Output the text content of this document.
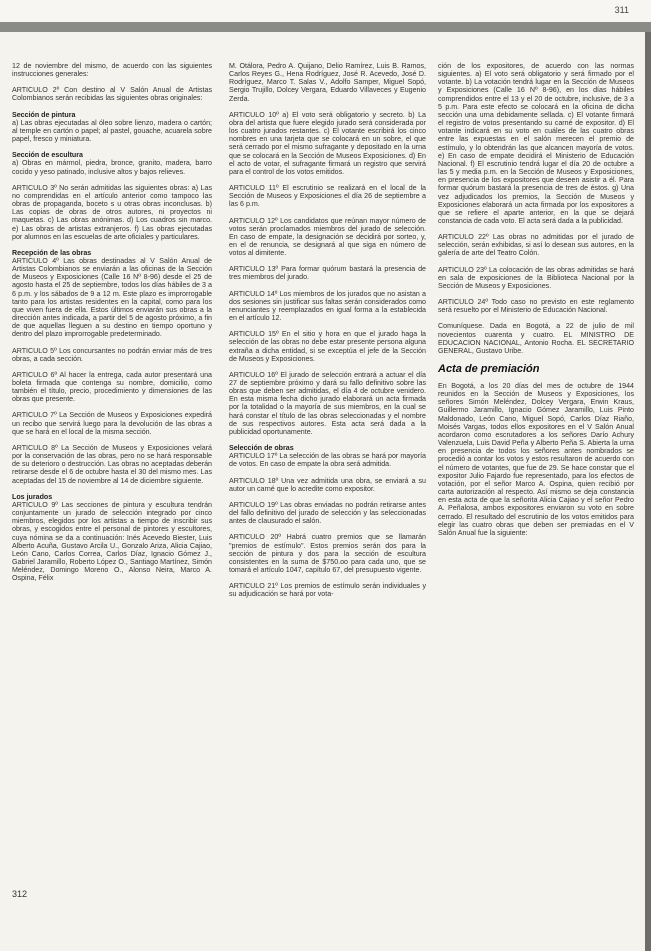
311

12 de noviembre del mismo, de acuerdo con las siguientes instrucciones generales:

ARTICULO 2º Con destino al V Salón Anual de Artistas Colombianos serán recibidas las siguientes obras originales:

Sección de pintura
a) Las obras ejecutadas al óleo sobre lienzo, madera o cartón; al temple en cartón o papel; al pastel, gouache, acuarela sobre papel, fresco y miniatura.

Sección de escultura
a) Obras en mármol, piedra, bronce, granito, madera, barro cocido y yeso patinado, inclusive altos y bajos relieves.

ARTICULO 3º No serán admitidas las siguientes obras: a) Las no comprendidas en el artículo anterior como tampoco las obras de propaganda, boceto s u otras obras inconclusas. b) Las copias de obras de otros autores, ni proyectos ni maquetas. c) Las obras anónimas. d) Los cuadros sin marco. e) Las obras de artistas extranjeros. f) Las obras ejecutadas por alumnos en las escuelas de arte oficiales y particulares.

Recepción de las obras
ARTICULO 4º Las obras destinadas al V Salón Anual de Artistas Colombianos se enviarán a las oficinas de la Sección de Museos y Exposiciones (Calle 16 Nº 8-96) desde el 25 de agosto hasta el 25 de septiembre, todos los días hábiles de 3 a 6 p.m. y los sábados de 9 a 12 m. Este plazo es improrrogable tanto para los artistas residentes en la capital, como para los que viven fuera de ella. Estos últimos enviarán sus obras a la dirección antes indicada, a partir del 5 de agosto próximo, a fin de que aquellas lleguen a su destino en tiempo oportuno y dentro del plazo improrrogable predeterminado.

ARTICULO 5º Los concursantes no podrán enviar más de tres obras, a cada sección.

ARTICULO 6º Al hacer la entrega, cada autor presentará una boleta firmada que contenga su nombre, domicilio, como también el título, precio, procedimiento y dimensiones de las obras que presente.

ARTICULO 7º La Sección de Museos y Exposiciones expedirá un recibo que servirá luego para la devolución de las obras a que se hará en el local de la misma sección.

ARTICULO 8º La Sección de Museos y Exposiciones velará por la conservación de las obras, pero no se hará responsable de su deterioro o destrucción. Las obras no aceptadas deberán retirarse desde el 6 de octubre hasta el 30 del mismo mes. Las aceptadas del 15 de noviembre al 14 de diciembre siguiente.

Los jurados
ARTICULO 9º Las secciones de pintura y escultura tendrán conjuntamente un jurado de selección integrado por cinco miembros, elegidos por los artistas a tiempo de inscribir sus obras, y escogidos entre el personal de pintores y escultores, cuya nómina se da a continuación: Inés Acevedo Biester, Luis Alberto Acuña, Gustavo Arcila U., Gonzalo Ariza, Alicia Cajiao, León Cano, Carlos Correa, Carlos Díaz, Ignacio Gómez J., Gabriel Jaramillo, Roberto López O., Santiago Martínez, Simón Meléndez, Domingo Moreno O., Alonso Neira, Marco A. Ospina, Félix

M. Otálora, Pedro A. Quijano, Delio Ramírez, Luis B. Ramos, Carlos Reyes G., Hena Rodríguez, José R. Acevedo, José D. Rodríguez, Marco T. Salas V., Adolfo Samper, Miguel Sopó, Sergio Trujillo, Dolcey Vergara, Eduardo Villaveces y Eugenio Zerda.

ARTICULO 10º a) El voto será obligatorio y secreto. b) La obra del artista que fuere elegido jurado será considerada por los cuatro jurados restantes. c) El votante escribirá los cinco nombres en una tarjeta que se colocará en un sobre, el que será cerrado por el mismo sufragante y depositado en la urna que se colocará en la Sección de Museos Exposiciones. d) En el acto de votar, el sufragante firmará un registro que servirá para el control de los votos emitidos.

ARTICULO 11º El escrutinio se realizará en el local de la Sección de Museos y Exposiciones el día 26 de septiembre a las 6 p.m.

ARTICULO 12º Los candidatos que reúnan mayor número de votos serán proclamados miembros del jurado de selección. En caso de empate, la designación se decidirá por sorteo, y, en el de renuncia, se designará al que siga en número de votos al dimitente.

ARTICULO 13º Para formar quórum bastará la presencia de tres miembros del jurado.

ARTICULO 14º Los miembros de los jurados que no asistan a dos sesiones sin justificar sus faltas serán considerados como renunciantes y reemplazados en igual forma a la establecida en el artículo 12.

ARTICULO 15º En el sitio y hora en que el jurado haga la selección de las obras no debe estar presente persona alguna extraña a dicha entidad, si se exceptúa el jefe de la Sección de Museos y Exposiciones.

ARTICULO 16º El jurado de selección entrará a actuar el día 27 de septiembre próximo y dará su fallo definitivo sobre las obras que deben ser admitidas, el día 4 de octubre venidero. En esta misma fecha dicho jurado elaborará un acta firmada por la totalidad o la mayoría de sus miembros, en la cual se hará constar el título de las obras seleccionadas y el nombre de sus respectivos autores. Esta acta será dada a la publicidad oportunamente.

Selección de obras
ARTICULO 17º La selección de las obras se hará por mayoría de votos. En caso de empate la obra será admitida.

ARTICULO 18º Una vez admitida una obra, se enviará a su autor un carné que lo acredite como expositor.

ARTICULO 19º Las obras enviadas no podrán retirarse antes del fallo definitivo del jurado de selección y las seleccionadas antes de clausurado el salón.

ARTICULO 20º Habrá cuatro premios que se llamarán "premios de estímulo". Estos premios serán dos para la sección de pintura y dos para la sección de escultura consistentes en la suma de $750.oo para cada uno, que se tomará el artículo 1047, capítulo 67, del presupuesto vigente.

ARTICULO 21º Los premios de estímulo serán individuales y su adjudicación se hará por vota-

ción de los expositores, de acuerdo con las normas siguientes. a) El voto será obligatorio y será firmado por el votante. b) La votación tendrá lugar en la Sección de Museos y Exposiciones (Calle 16 Nº 8-96), en los días hábiles comprendidos entre el 13 y el 20 de octubre, inclusive, de 3 a 5 p.m. Para este efecto se colocará en la oficina de dicha sección una urna debidamente sellada. c) El votante firmará el registro de votos presentando su carné de expositor. d) El votante indicará en su voto en cuáles de las cuatro obras entre las expuestas en el salón merecen el premio de estímulo, y lo obtendrán las que alcancen mayoría de votos. e) En caso de empate decidirá el Ministerio de Educación Nacional. f) El escrutinio tendrá lugar el día 20 de octubre a las 5 y media p.m. en la Sección de Museos y Exposiciones, en presencia de los expositores que deseen asistir a él. Para formar quórum bastará la presencia de tres de éstos. g) Una vez adjudicados los premios, la Sección de Museos y Exposiciones elaborará un acta firmada por los expositores a que se refiere el aparte anterior, en la que se dejará constancia de cada voto. El acta será dada a la publicidad.

ARTICULO 22º Las obras no admitidas por el jurado de selección, serán exhibidas, si así lo desean sus autores, en la galería de arte del Teatro Colón.

ARTICULO 23º La colocación de las obras admitidas se hará en sala de exposiciones de la Biblioteca Nacional por la Sección de Museos y Exposiciones.

ARTICULO 24º Todo caso no previsto en este reglamento será resuelto por el Ministerio de Educación Nacional.

Comuníquese. Dada en Bogotá, a 22 de julio de mil novecientos cuarenta y cuatro. EL MINISTRO DE EDUCACION NACIONAL, Antonio Rocha. EL SECRETARIO GENERAL, Gustavo Uribe.

Acta de premiación

En Bogotá, a los 20 días del mes de octubre de 1944 reunidos en la Sección de Museos y Exposiciones, los señores Simón Meléndez, Dolcey Vergara, Erwin Kraus, Guillermo Jaramillo, Ignacio Gómez Jaramillo, Luis Pinto Maldonado, León Cano, Miguel Sopó, Carlos Díaz Riaño, Moisés Vargas, todos ellos expositores en el V Salón Anual acordaron como escrutadores a los señores Darío Achury Valenzuela, Luis David Peña y Alberto Peña S. Abierta la urna en presencia de todos los señores antes nombrados se procedió a contar los votos y estos resultaron de acuerdo con el número de votantes, que fue de 29. Se hace constar que el expositor Julio Fajardo fue representado, para los efectos de votación, por el señor Marco A. Ospina, quien recibió por carta autorización al respecto. Así mismo se deja constancia en esta acta de que la señorita Alicia Cajiao y el señor Pedro A. Peñalosa, ambos expositores enviaron su voto en sobre cerrado. El resultado del escrutinio de los votos emitidos para elegir las cuatro obras que deben ser premiadas en el V Salón Anual fue la siguiente:

312
